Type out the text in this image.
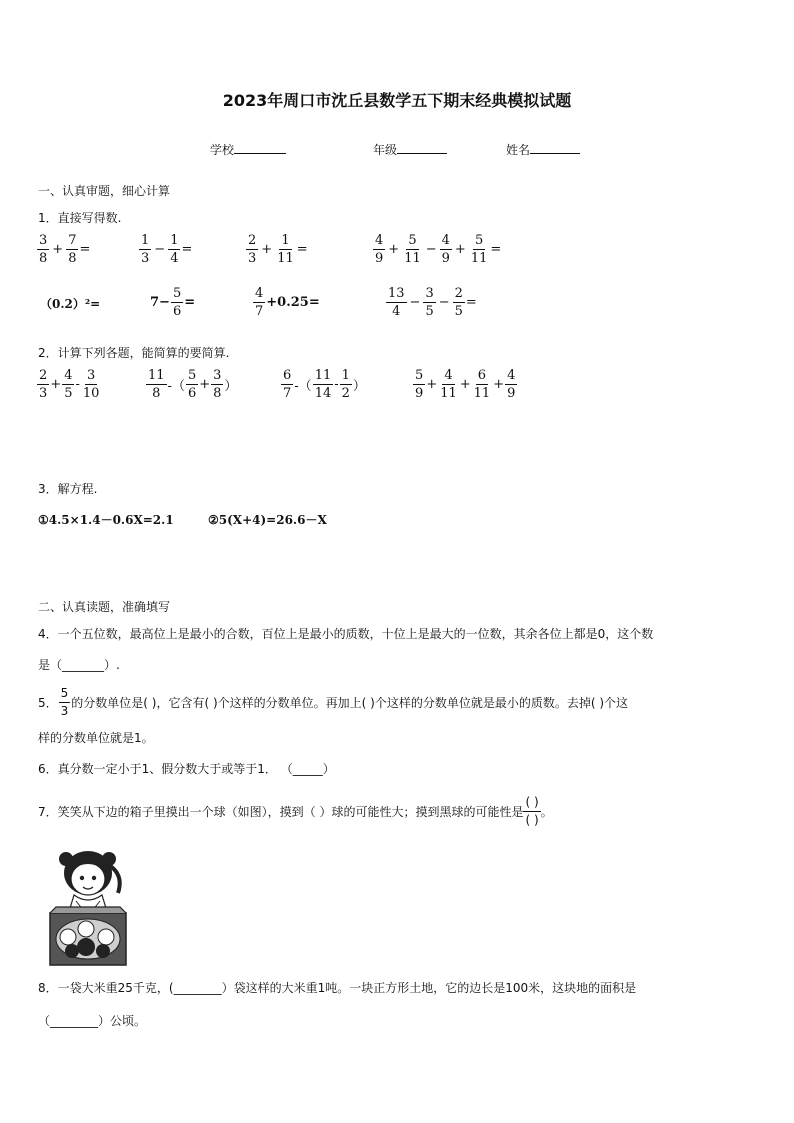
2023年周口市沈丘县数学五下期末经典模拟试题
学校	年级	姓名
一、认真审题，细心计算
1．直接写得数.
$\frac{3}{8} + \frac{7}{8}$ =	$\frac{1}{3} - \frac{1}{4}$ =	$\frac{2}{3} + \frac{1}{11}$ =	$\frac{4}{9} + \frac{5}{11} - \frac{4}{9} + \frac{5}{11}$ =
（0.2）²=	$7- \frac{5}{6}$ =	$\frac{4}{7} +0.25=$	$\frac{13}{4} - \frac{3}{5} - \frac{2}{5}$ =
2．计算下列各题，能简算的要简算.
$\frac{2}{3} + \frac{4}{5} - \frac{3}{10}$	$\frac{11}{8}$ -（ $\frac{5}{6} + \frac{3}{8}$ ）	$\frac{6}{7}$ -（ $\frac{11}{14} - \frac{1}{2}$ ）	$\frac{5}{9} + \frac{4}{11} + \frac{6}{11} + \frac{4}{9}$
3．解方程.
①4.5×1.4－0.6X=2.1	②5(X+4)=26.6－X
二、认真读题，准确填写
4．一个五位数，最高位上是最小的合数，百位上是最小的质数，十位上是最大的一位数，其余各位上都是0，这个数
是（_______）.
5． $\frac{5}{3}$ 的分数单位是( )，它含有( )个这样的分数单位。再加上( )个这样的分数单位就是最小的质数。去掉( )个这
样的分数单位就是1。
6．真分数一定小于1、假分数大于或等于1． （_____）
7．笑笑从下边的箱子里摸出一个球（如图），摸到（ ）球的可能性大；摸到黑球的可能性是
( )
( )
。
8．一袋大米重25千克，(________）袋这样的大米重1吨。一块正方形土地，它的边长是100米，这块地的面积是
（________）公顷。
